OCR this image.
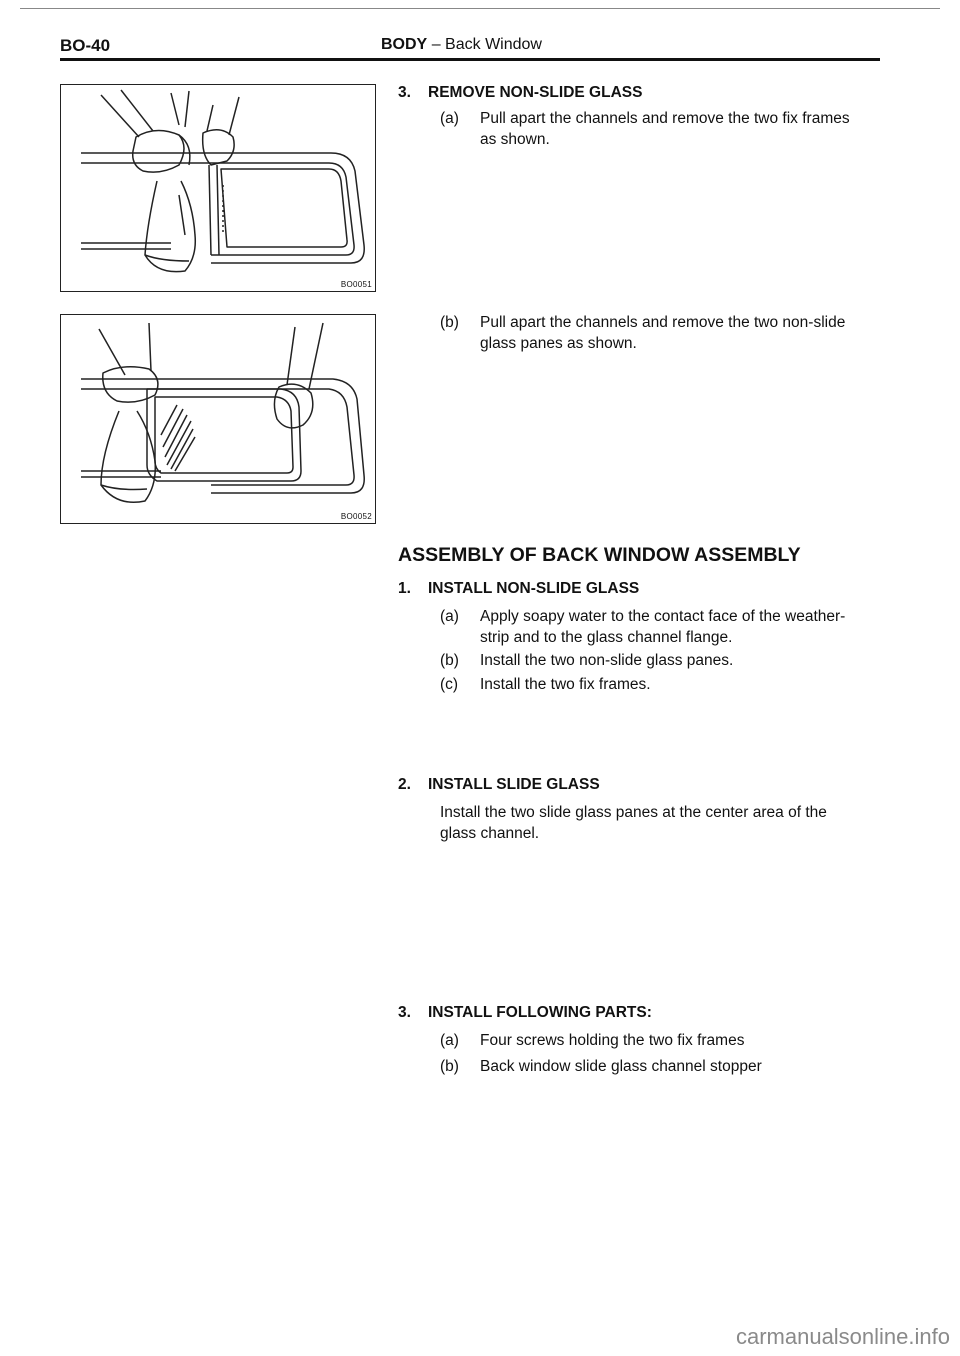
BO-40	BODY – Back Window
BO0051
BO0052
3. REMOVE NON-SLIDE GLASS
(a) Pull apart the channels and remove the two fix frames
as shown.
(b) Pull apart the channels and remove the two non-slide
glass panes as shown.
ASSEMBLY OF BACK WINDOW ASSEMBLY
1. INSTALL NON-SLIDE GLASS
(a) Apply soapy water to the contact face of the weather-
strip and to the glass channel flange.
(b) Install the two non-slide glass panes.
(c) Install the two fix frames.
2. INSTALL SLIDE GLASS
Install the two slide glass panes at the center area of the
glass channel.
3. INSTALL FOLLOWING PARTS:
(a) Four screws holding the two fix frames
(b) Back window slide glass channel stopper
carmanualsonline.info
